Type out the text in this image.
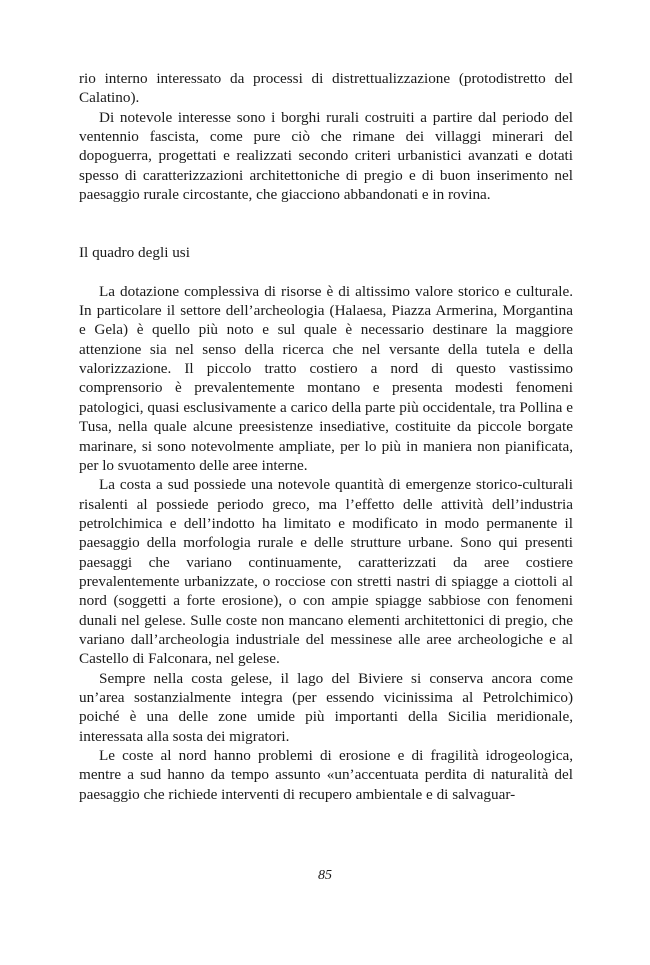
rio interno interessato da processi di distrettualizzazione (protodistretto del Calatino).

Di notevole interesse sono i borghi rurali costruiti a partire dal periodo del ventennio fascista, come pure ciò che rimane dei villaggi minerari del dopoguerra, progettati e realizzati secondo criteri urbanistici avanzati e dotati spesso di caratterizzazioni architettoniche di pregio e di buon inserimento nel paesaggio rurale circostante, che giacciono abbandonati e in rovina.

Il quadro degli usi

La dotazione complessiva di risorse è di altissimo valore storico e culturale. In particolare il settore dell’archeologia (Halaesa, Piazza Armerina, Morgantina e Gela) è quello più noto e sul quale è necessario destinare la maggiore attenzione sia nel senso della ricerca che nel versante della tutela e della valorizzazione. Il piccolo tratto costiero a nord di questo vastissimo comprensorio è prevalentemente montano e presenta modesti fenomeni patologici, quasi esclusivamente a carico della parte più occidentale, tra Pollina e Tusa, nella quale alcune preesistenze insediative, costituite da piccole borgate marinare, si sono notevolmente ampliate, per lo più in maniera non pianificata, per lo svuotamento delle aree interne.

La costa a sud possiede una notevole quantità di emergenze storico-culturali risalenti al possiede periodo greco, ma l’effetto delle attività dell’industria petrolchimica e dell’indotto ha limitato e modificato in modo permanente il paesaggio della morfologia rurale e delle strutture urbane. Sono qui presenti paesaggi che variano continuamente, caratterizzati da aree costiere prevalentemente urbanizzate, o rocciose con stretti nastri di spiagge a ciottoli al nord (soggetti a forte erosione), o con ampie spiagge sabbiose con fenomeni dunali nel gelese. Sulle coste non mancano elementi architettonici di pregio, che variano dall’archeologia industriale del messinese alle aree archeologiche e al Castello di Falconara, nel gelese.

Sempre nella costa gelese, il lago del Biviere si conserva ancora come un’area sostanzialmente integra (per essendo vicinissima al Petrolchimico) poiché è una delle zone umide più importanti della Sicilia meridionale, interessata alla sosta dei migratori.

Le coste al nord hanno problemi di erosione e di fragilità idrogeologica, mentre a sud hanno da tempo assunto «un’accentuata perdita di naturalità del paesaggio che richiede interventi di recupero ambientale e di salvaguar-

85
